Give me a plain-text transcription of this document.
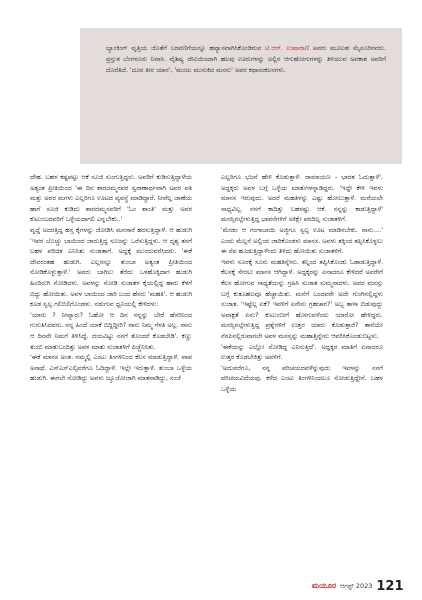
ಬ್ಯಾಂಕಿಂಗ್ ವೃತ್ತಿಯ ಜೊತೆಗೆ ಬರವಣಿಗೆಯನ್ನೂ ಹವ್ಯಾಸವಾಗಿಸಿಕೊಂಡಿರುವ ಟಿ.ಆರ್. ಉಷಾರಾಣಿ ಅವರು ಮೂಲತಃ ಮೈಸೂರಿನವರು. ಪ್ರಸ್ತುತ ಬೆಂಗಳೂರು ನಿವಾಸಿ. ವೈಶಿಷ್ಯ ದೇವಿಯಿಂದಾಗಿ ಹಲವು ಊರುಗಳನ್ನು ಅಲ್ಲಿನ ಆಗುಹೋಗುಗಳನ್ನು ತಿಳಿಯುವ ಅವಕಾಶ ಅವರಿಗೆ ದೊರೆತಿದೆ. 'ದೂರ ತೀರ ಯಾನ', 'ಮಂಜು ಮುಸುಕಿದ ಮನಸು' ಅವರ ಕಥಾಸಂಕಲನಗಳು.

ದೇಹ. ಬಹಳ ಕಷ್ಟಪಟ್ಟು ಆಕೆ ಸೂಜಿ ಸುಂಗುತ್ತಿದ್ದರು. ಅವರಿಗೆ ಕುಡಿಸುತ್ತಿದ್ದಾಳೆಯ ಅತ್ಯಂತ ಪ್ರೀತಿಯಿಂದ 'ಈ ದಿನ ಶಾರದಮ್ಮನವರ ಸ್ವರಾಣಾರ್ಥವಾಗಿ ಅವರ ಪತಿ ಮತ್ತು ಅವರ ಮಗಳು ಎಲ್ಲರಿಗೂ ಊಟದ ವ್ಯವಸ್ಥೆ ಮಾಡಿದ್ದಾರೆ. ನೀವೆಲ್ಲ ಜಾಣೆಯ ಹಾಗೆ ಸೂಜಿ ಕುಡಿದು ಶಾರದಮ್ಮನವರಿಗೆ 'ಓಂ ಶಾಂತಿ' ಮತ್ತು ಅವರ ಕುಟುಂಬದವರಿಗೆ ಒಳ್ಳೆಯದಾಗಲಿ ಎನ್ನಬೇಕು..'

ವೃದ್ಧೆ ಅದರತ್ತಿದ್ದ ಹಸ್ತ ಕೈಗಳನ್ನು ಜೋಡಿಸಿ ಮನಸಾರೆ ಹರಸುತ್ತಿದ್ದಾಳೆ. ಆ ಹುಡುಗಿ 'ಇವರ ಬೊಚ್ಚು ಬಾಯಿಂದ ಜಾರುತ್ತಿದ್ದ ಸೂಜನ್ನು ಒರೆಸುತ್ತಿದ್ದಳು. ಆ ದೃಶ್ಯ ತನಗೆ ಬಹಳ ಪರಿಚಿತ ಎನಿಸಿತು ಸುಜಾತಾಗೆ. ಅದ್ದಕ್ಕೆ ಮುಂದುವರೆಸಿದರು. 'ಈಕೆ ದೇವರಂತಹ ಹುಡುಗಿ. ಎಲ್ಲರನ್ನೂ ತುಂಬಾ ಅತ್ಯಂತ ಪ್ರೀತಿಯಿಂದ ನೋಡಿಕೊಳ್ಳುತ್ತಾಳೆ.' ಅವರು ಬಾಗಿಲು ತೆರೆದು ಒಳಹೊಕ್ಕಿದಾಗ ಹುಡುಗಿ ಹಿಂದಿರುಗಿ ನೋಡಿದಳು. ಅವಳನ್ನು ನೋಡಿ ಸುಜಾತಳ ಕೈಯಲ್ಲಿದ್ದ ಹಾರು ಕೆಳಗೆ ಬಿದ್ದು ಹೋಯಿತು. ಅವಳ ಬಾಯಿಂದ ಜಾರಿ ಬಂದ ಹೆಸರು 'ಮಹತಿ'. ಆ ಹುಡುಗಿ ಕೂಡ ಸ್ವಲ್ಪ ಗಲಿಬಿಲಿಗೊಂಡಳು. ನಡುಗುವ ಧ್ವನಿಯಲ್ಲಿ ಕೇಳಿದಳು:

'ಯಾರು ? ನೀವ್ಯಾರು? ಓಹೋ ಆ ದಿನ ನನ್ನನ್ನು ಬೇರೆ ಹೆಸರಿನಿಂದ ಗುರುತಿಸಿದವರು. ನನ್ನ ಹಿಂದೆ ಯಾಕೆ ಬಿದ್ದಿದ್ದೀರಿ? ನಾನು ನಿಮ್ಮ ಗೆಳತಿ ಅಲ್ಲ. ನಾನು ಆ ದಿನವೇ ನಿಮಗೆ ತಿಳಿಸಿದ್ದೆ. ದಯವಿಟ್ಟು ನನಗೆ ತೊಂದರೆ ಕೊಡಬೇಡಿ'. ಕಣ್ಣು ತುಂಬಿ ಮಾತುಬಂದಿತ್ತು ಅವಳ ಮಾತು ಸುಜಾತಳಿಗೆ ಪಿಚ್ಚೆನಿಸಿತು.

'ಈಕೆ ಮಾನಸ ಅಂತ. ನಮ್ಮಲ್ಲಿ ಎಂಟು ತಿಂಗಳಿನಿಂದ ಕೆಲಸ ಮಾಡುತ್ತಿದ್ದಾಳೆ. ಪಾಪ ಅನಾಥೆ. ಎಸ್ಎಸ್ಎಲ್ಸಿವರೆಗೂ ಓದಿದ್ದಾಳೆ. ಇಲ್ಲೇ ಇರುತ್ತಾಳೆ. ತುಂಬಾ ಒಳ್ಳೆಯ ಹುಡುಗಿ. ಈಗಲೇ ನೋಡಿದ್ದು ಅವಳು ಜ್ಯೂಜೋಜಾಗಿ ಮಾತನಾಡಿದ್ದು, ಸಂಜೆ

ಎಲ್ಲರಿಗೂ ಭಜನೆ ಹೇಳಿ ಕೊಡುತ್ತಾಳೆ. ರಾಮಾಯಣ - ಭಾರತ ಓದುತ್ತಾಳೆ'. ಅದ್ದಕ್ಕರು ಅವಳ ಬಗ್ಗೆ ಒಳ್ಳೆಯ ಮಾತುಗಳನ್ನಾಡಿದ್ದರು. 'ಇದ್ದೇ ಕೇಳಿ ಇವಳು ಮಾನಸ ಇರುವುದು. ಅದರೆ ಮಹತಿಳನ್ನು ಎಷ್ಟು ಹೋಲುತ್ತಾಳೆ. ಮರೆಯಲೇ ಸಾಧ್ಯವಿಲ್ಲ. ನನಗೆ ಕಾದಿತ್ತು ಬಹಳಷ್ಟು ಆಕೆ. ನನ್ನನ್ನು ಕಾಡುತ್ತಿದ್ದಾಳೆ' ಮನಸ್ಸಿನಲ್ಲೇಳುತ್ತಿದ್ದ ಭಾವನೆಗಳಿಗೆ ಅಕಿಕ್ಷೇ ಪರದಿಲ್ಲ ಸುಜಾತಳಿಗೆ.

'ಮೇಡಂ ಆ ಗಂಗಾಬಾಯಿ ಅಜ್ಜಿಗೂ ಸ್ವಲ್ಪ ಊಟ ಮಾಡಿಸಬೇಕು. ನಾನು....' ಎಂದು ಮೆಲ್ಲನೆ ಅಲ್ಲಿಂದ ಜಾರಿಕೊಂಡಳು ಮಾನಸ. ಅವಳು ತಕ್ಕಿಂದ ತಪ್ಪಿಸಿಕೊಳ್ಳಲು ಈ ನೆಪ ಹೂಡುತ್ತಿದ್ದಾಳೆಂದು ತಿಳಿದು ಹೋಯಿತು ಸುಜಾತಳಿಗೆ.

ಇವಳು ಸೂರಕ್ಕೆ ಸೂರು ಮಹತಿನ್ನೇನು. ತನ್ನಿಂದ ತಪ್ಪಿಸಿಕೊಂಡು ಓಡಾಡುತ್ತಿದ್ದಾಳೆ. ಕೆಲಸಕ್ಕೆ ಸೇರಲು ಮಾನಸ ಆಗಿದ್ದಾಳೆ. ಅದ್ದಕ್ಕರನ್ನು ಏನಾದರೂ ಕೇಳಿದರೆ ಅವರೇಗೆ ಕೆಲಸ ಹೋಗುವ ಸಾಧ್ಯತೆಯನ್ನು ಗ್ರಹಿಸಿ ಸುಜಾತ ಸುಮ್ಮನಾದಳು. ಅವರ ಮನಸ್ಸು ಬಗ್ಗೆ ಕುತೂಹಲವೂ ಹೆಚ್ಚಾಯಿತು. ಮನೆಗೆ ಬಂದವರೇ ಅದೇ ಗುಂಗಿನಲ್ಲಿದ್ದಳು ಸುಜಾತ. 'ಇಷ್ಟೆಲ್ಲ ಏಕೆ? ಇವಳಿಗೆ ಏನೇನು ಗ್ರಹಚಾರ?' ಅಬ್ಬ ತಾಳಾ ಬಿಡುವುದ್ದು ಅವಾಕ್ಷತೆ ಏನು? ಕುಟುಂಬೀಗೆ ಹೋಗುವಳೆಂದು ಯಾರೋ ಹೇಳಿದ್ದರು. ಮನಸ್ಸಿನಲ್ಲೇಳುತ್ತಿದ್ದ ಪ್ರಶ್ನೆಗಳಿಗೆ ಉತ್ತರ ಯಾರು ಕೊಡುತ್ತಾರೆ? ತಾನೆಯೇ ನೆನಪಿನಲ್ಲಿರುವಾಗಲೇ ಅವಳ ಮನಸ್ಸನ್ನು ಮಹಾತ್ತಿನ್ನೇನು ಆವರಿಸಿಕೊಂಡುಬಿಟ್ಟಳು.

'ಈಕೆಯನ್ನು ಎಲ್ಲೋ ನೋಡಿದ್ದ ಎನಿಸುತ್ತಿದೆ'. ಅದ್ದಕ್ಕರ ಮಾತಿಗೆ ಏನಾದರೂ ಉತ್ತರ ಕೊಡಬೇಕಿತ್ತು ಅವಳಿಗೆ.

'ಅದುವರೆಗೂ, ನನ್ನ ಪರಿಚಯದವಳೆನ್ನುವುದು ಇವಳನ್ನು ನನಗೆ ಪರಿಚಯವಿದೆಯವು. ಕಳೆದ ಎಂಟು ತಿಂಗಳಿನಿಂದಲೂ ನೋಡುತ್ತಿದ್ದೇನೆ. ಬಹಳ ಒಳ್ಳೆಯ

ಮಯೂರ ಆಗಸ್ಟ್ 2023 121
